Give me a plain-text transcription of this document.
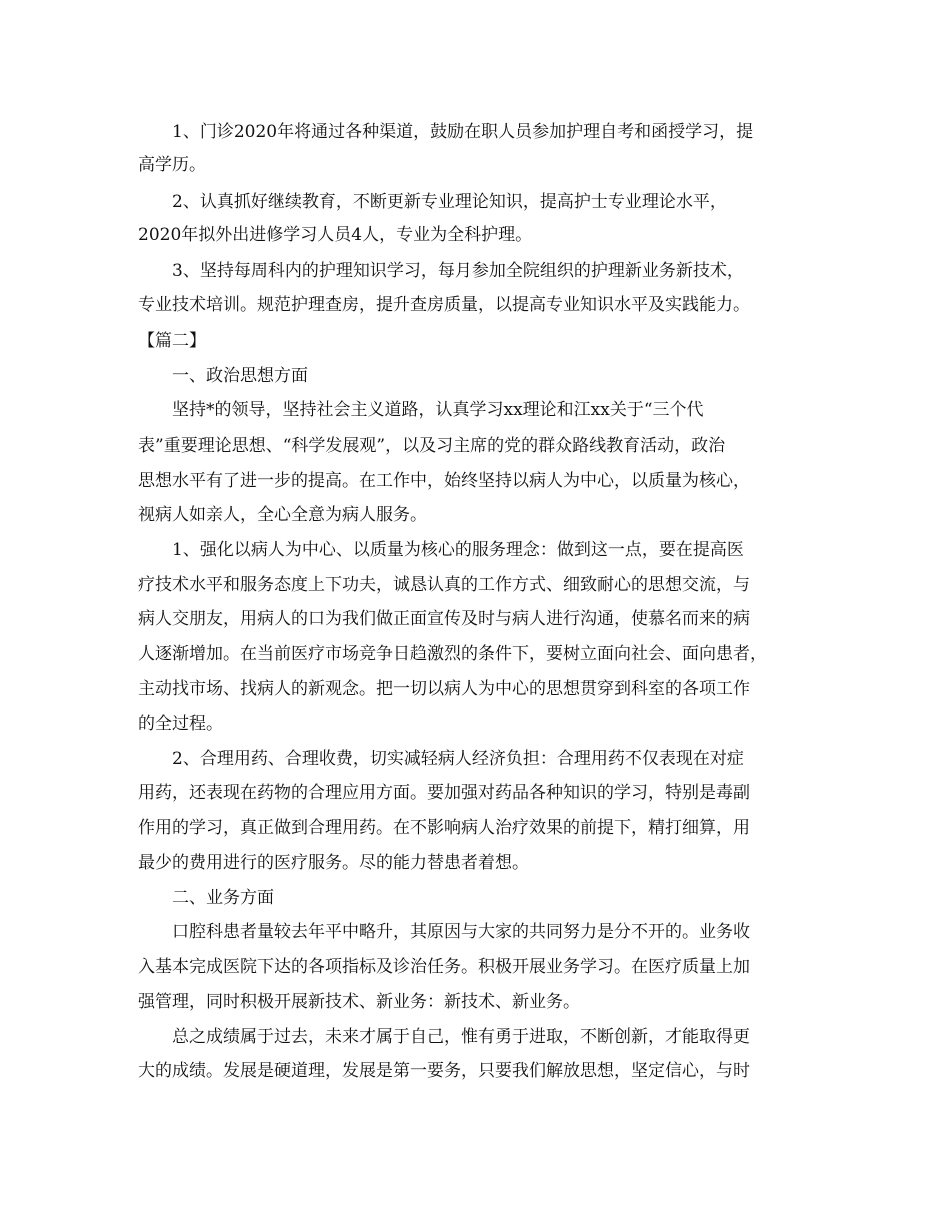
1、门诊2020年将通过各种渠道，鼓励在职人员参加护理自考和函授学习，提
高学历。
2、认真抓好继续教育，不断更新专业理论知识，提高护士专业理论水平，
2020年拟外出进修学习人员4人，专业为全科护理。
3、坚持每周科内的护理知识学习，每月参加全院组织的护理新业务新技术，
专业技术培训。规范护理查房，提升查房质量，以提高专业知识水平及实践能力。
【篇二】
一、政治思想方面
坚持*的领导，坚持社会主义道路，认真学习xx理论和江xx关于“三个代
表”重要理论思想、“科学发展观”，以及习主席的党的群众路线教育活动，政治
思想水平有了进一步的提高。在工作中，始终坚持以病人为中心，以质量为核心，
视病人如亲人，全心全意为病人服务。
1、强化以病人为中心、以质量为核心的服务理念：做到这一点，要在提高医
疗技术水平和服务态度上下功夫，诚恳认真的工作方式、细致耐心的思想交流，与
病人交朋友，用病人的口为我们做正面宣传及时与病人进行沟通，使慕名而来的病
人逐渐增加。在当前医疗市场竞争日趋激烈的条件下，要树立面向社会、面向患者，
主动找市场、找病人的新观念。把一切以病人为中心的思想贯穿到科室的各项工作
的全过程。
2、合理用药、合理收费，切实减轻病人经济负担：合理用药不仅表现在对症
用药，还表现在药物的合理应用方面。要加强对药品各种知识的学习，特别是毒副
作用的学习，真正做到合理用药。在不影响病人治疗效果的前提下，精打细算，用
最少的费用进行的医疗服务。尽的能力替患者着想。
二、业务方面
口腔科患者量较去年平中略升，其原因与大家的共同努力是分不开的。业务收
入基本完成医院下达的各项指标及诊治任务。积极开展业务学习。在医疗质量上加
强管理，同时积极开展新技术、新业务：新技术、新业务。
总之成绩属于过去，未来才属于自己，惟有勇于进取，不断创新，才能取得更
大的成绩。发展是硬道理，发展是第一要务，只要我们解放思想，坚定信心，与时
